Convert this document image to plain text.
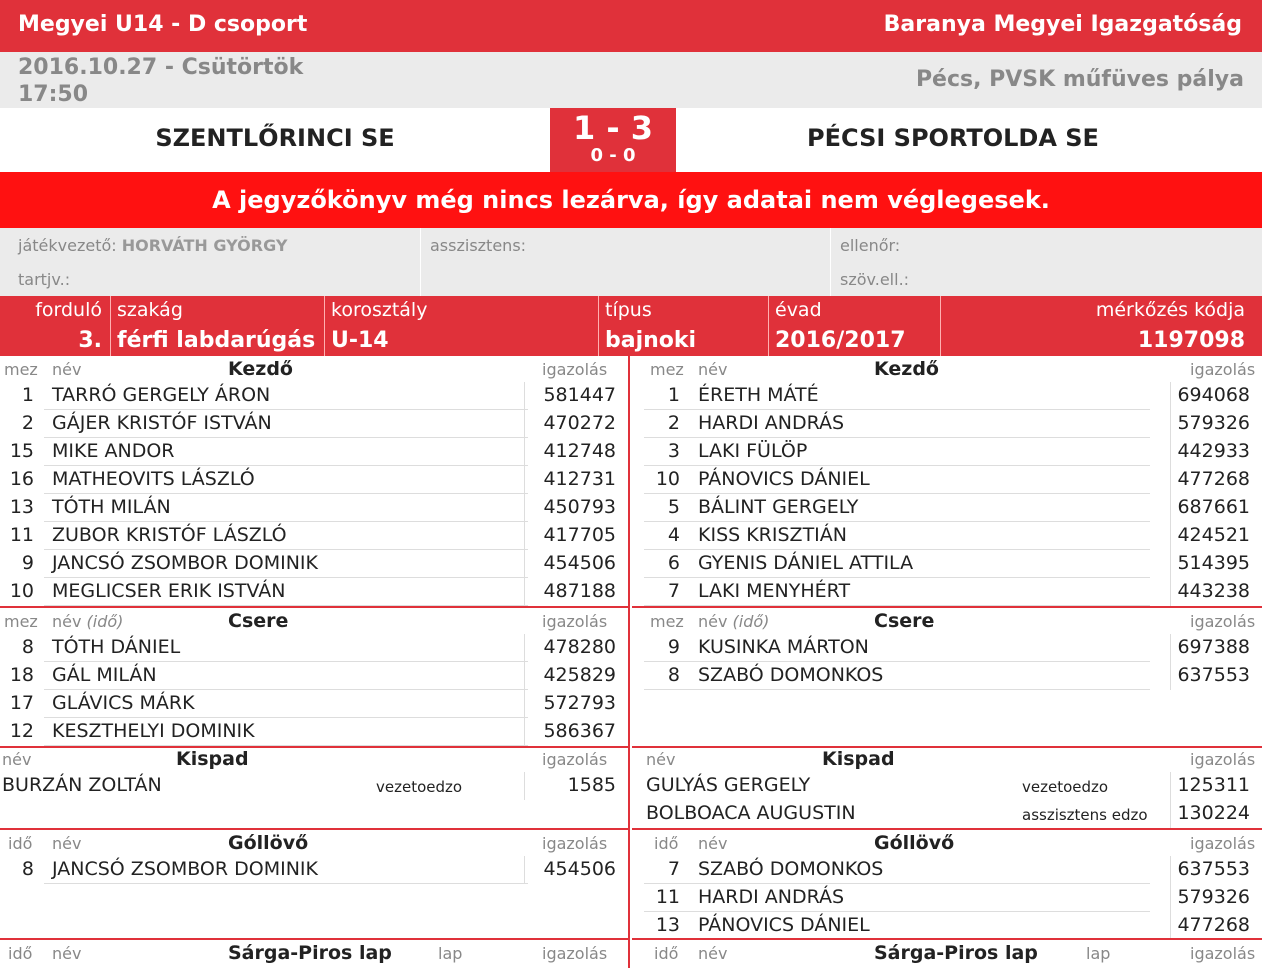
Megyei U14 - D csoport	Baranya Megyei Igazgatóság
2016.10.27 - Csütörtök
17:50
Pécs, PVSK műfüves pálya
SZENTLŐRINCI SE	PÉCSI SPORTOLDA SE
1 - 3
0 - 0
A jegyzőkönyv még nincs lezárva, így adatai nem véglegesek.
játékvezető: HORVÁTH GYÖRGY
tartjv.:
asszisztens:	ellenőr:
szöv.ell.:
forduló
3.
szakág
férfi labdarúgás
korosztály
U-14
típus
bajnoki
évad
2016/2017
mérkőzés kódja
1197098
mez név	Kezdő	igazolás
1 TARRÓ GERGELY ÁRON	581447
2 GÁJER KRISTÓF ISTVÁN	470272
15 MIKE ANDOR	412748
16 MATHEOVITS LÁSZLÓ	412731
13 TÓTH MILÁN	450793
11 ZUBOR KRISTÓF LÁSZLÓ	417705
9 JANCSÓ ZSOMBOR DOMINIK	454506
10 MEGLICSER ERIK ISTVÁN	487188
mez név (idő)	Csere	igazolás
8 TÓTH DÁNIEL	478280
18 GÁL MILÁN	425829
17 GLÁVICS MÁRK	572793
12 KESZTHELYI DOMINIK	586367
név	Kispad	igazolás
BURZÁN ZOLTÁN	vezetoedzo	1585
idő név	Góllövő	igazolás
8 JANCSÓ ZSOMBOR DOMINIK	454506
idő név	Sárga-Piros lap	lap	igazolás
mez név	Kezdő	igazolás
1 ÉRETH MÁTÉ	694068
2 HARDI ANDRÁS	579326
3 LAKI FÜLÖP	442933
10 PÁNOVICS DÁNIEL	477268
5 BÁLINT GERGELY	687661
4 KISS KRISZTIÁN	424521
6 GYENIS DÁNIEL ATTILA	514395
7 LAKI MENYHÉRT	443238
mez név (idő)	Csere	igazolás
9 KUSINKA MÁRTON	697388
8 SZABÓ DOMONKOS	637553
név	Kispad	igazolás
GULYÁS GERGELY	vezetoedzo	125311
BOLBOACA AUGUSTIN	asszisztens edzo 130224
idő név	Góllövő	igazolás
7 SZABÓ DOMONKOS	637553
11 HARDI ANDRÁS	579326
13 PÁNOVICS DÁNIEL	477268
idő név	Sárga-Piros lap	lap	igazolás
